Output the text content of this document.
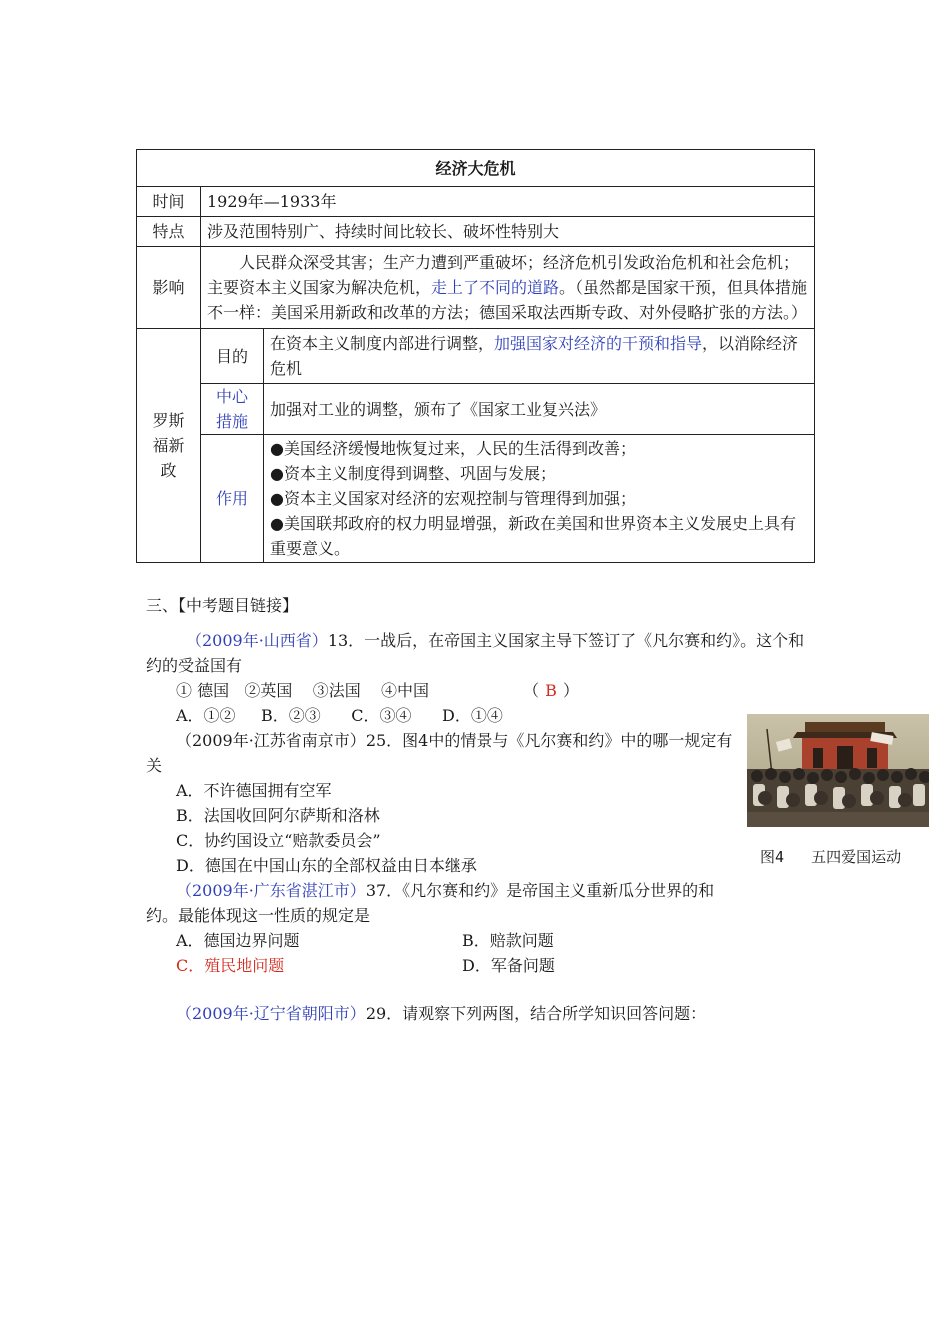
经济大危机		
时间	1929年—1933年	
特点	涉及范围特别广、持续时间比较长、破坏性特别大	
影响	人民群众深受其害；生产力遭到严重破坏；经济危机引发政治危机和社会危机；主要资本主义国家为解决危机，走上了不同的道路。（虽然都是国家干预，但具体措施不一样：美国采用新政和改革的方法；德国采取法西斯专政、对外侵略扩张的方法。）	
罗斯福新政	目的	在资本主义制度内部进行调整，加强国家对经济的干预和指导，以消除经济危机
	中心措施	加强对工业的调整，颁布了《国家工业复兴法》
	作用	●美国经济缓慢地恢复过来，人民的生活得到改善；
●资本主义制度得到调整、巩固与发展；
●资本主义国家对经济的宏观控制与管理得到加强；
●美国联邦政府的权力明显增强，新政在美国和世界资本主义发展史上具有重要意义。
三、【中考题目链接】
（2009年·山西省）13．一战后，在帝国主义国家主导下签订了《凡尔赛和约》。这个和约的受益国有
① 德国   ②英国    ③法国    ④中国	（ B ）
A．①②     B．②③      C．③④      D．①④
（2009年·江苏省南京市）25．图4中的情景与《凡尔赛和约》中的哪一规定有关
A．不许德国拥有空军
B．法国收回阿尔萨斯和洛林
C．协约国设立“赔款委员会”
D．德国在中国山东的全部权益由日本继承	图4   五四爱国运动
（2009年·广东省湛江市）37．《凡尔赛和约》是帝国主义重新瓜分世界的和约。最能体现这一性质的规定是
A．德国边界问题	B．赔款问题
C．殖民地问题	D．军备问题
（2009年·辽宁省朝阳市）29．请观察下列两图，结合所学知识回答问题：
